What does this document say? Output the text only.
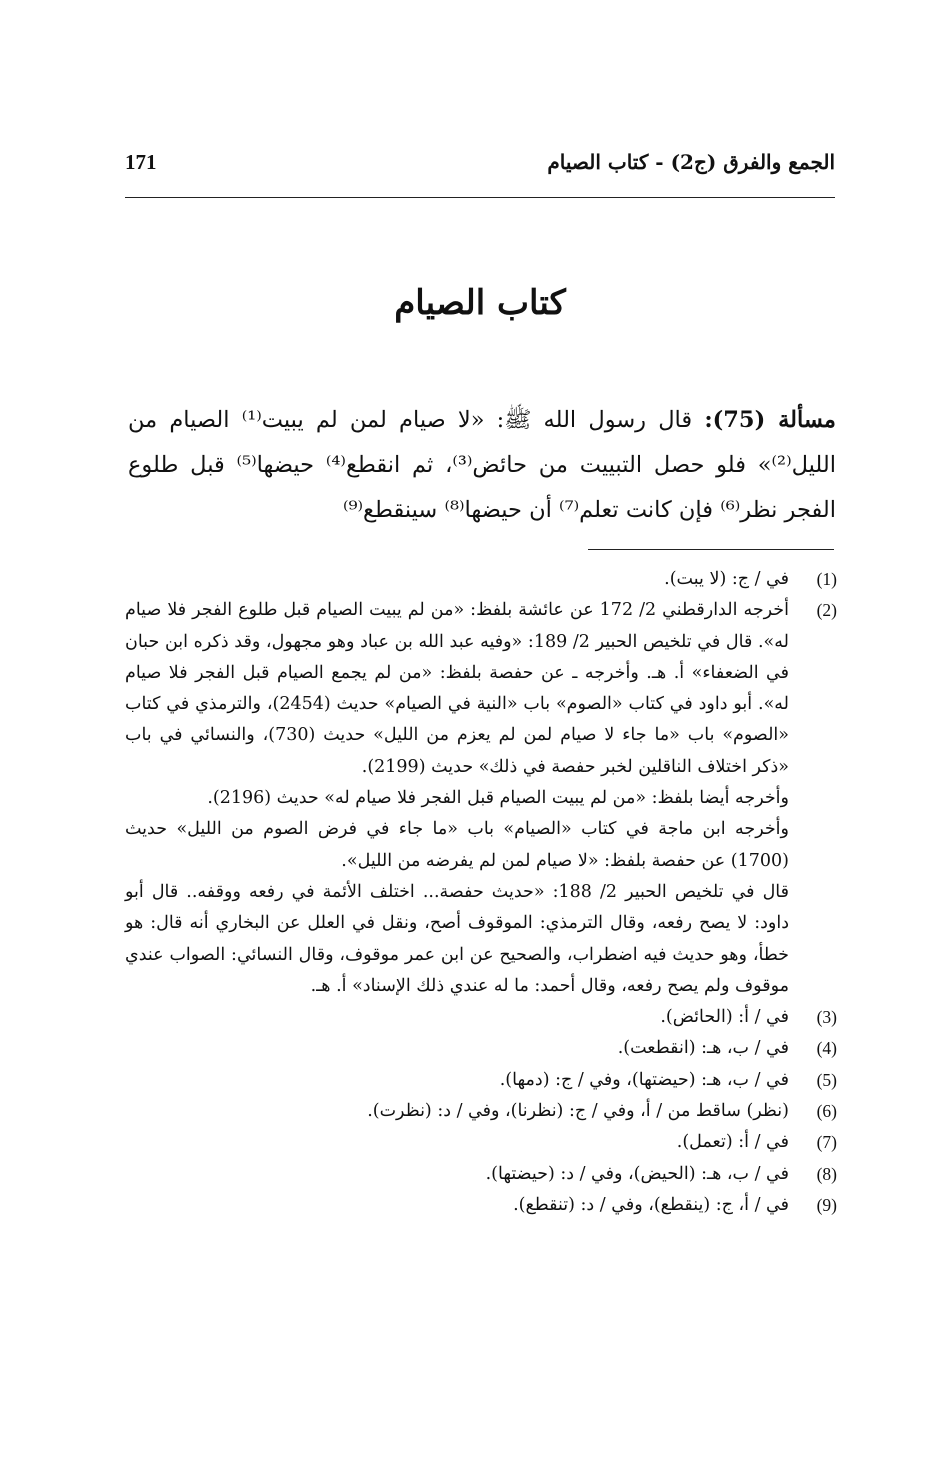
الجمع والفرق (ج2) - كتاب الصيام
171
كتاب الصيام
مسألة (75): قال رسول الله ﷺ: «لا صيام لمن لم يبيت⁽¹⁾ الصيام من الليل⁽²⁾» فلو حصل التبييت من حائض⁽³⁾، ثم انقطع⁽⁴⁾ حيضها⁽⁵⁾ قبل طلوع الفجر نظر⁽⁶⁾ فإن كانت تعلم⁽⁷⁾ أن حيضها⁽⁸⁾ سينقطع⁽⁹⁾
(1)
في / ج: (لا يبت).
(2)
أخرجه الدارقطني 2/ 172 عن عائشة بلفظ: «من لم يبيت الصيام قبل طلوع الفجر فلا صيام له». قال في تلخيص الحبير 2/ 189: «وفيه عبد الله بن عباد وهو مجهول، وقد ذكره ابن حبان في الضعفاء» أ. هـ. وأخرجه ـ عن حفصة بلفظ: «من لم يجمع الصيام قبل الفجر فلا صيام له». أبو داود في كتاب «الصوم» باب «النية في الصيام» حديث (2454)، والترمذي في كتاب «الصوم» باب «ما جاء لا صيام لمن لم يعزم من الليل» حديث (730)، والنسائي في باب «ذكر اختلاف الناقلين لخبر حفصة في ذلك» حديث (2199).
وأخرجه أيضا بلفظ: «من لم يبيت الصيام قبل الفجر فلا صيام له» حديث (2196).
وأخرجه ابن ماجة في كتاب «الصيام» باب «ما جاء في فرض الصوم من الليل» حديث (1700) عن حفصة بلفظ: «لا صيام لمن لم يفرضه من الليل».
قال في تلخيص الحبير 2/ 188: «حديث حفصة... اختلف الأئمة في رفعه ووقفه.. قال أبو داود: لا يصح رفعه، وقال الترمذي: الموقوف أصح، ونقل في العلل عن البخاري أنه قال: هو خطأ، وهو حديث فيه اضطراب، والصحيح عن ابن عمر موقوف، وقال النسائي: الصواب عندي موقوف ولم يصح رفعه، وقال أحمد: ما له عندي ذلك الإسناد» أ. هـ.
(3)
في / أ: (الحائض).
(4)
في / ب، هـ: (انقطعت).
(5)
في / ب، هـ: (حيضتها)، وفي / ج: (دمها).
(6)
(نظر) ساقط من / أ، وفي / ج: (نظرنا)، وفي / د: (نظرت).
(7)
في / أ: (تعمل).
(8)
في / ب، هـ: (الحيض)، وفي / د: (حيضتها).
(9)
في / أ، ج: (ينقطع)، وفي / د: (تنقطع).
